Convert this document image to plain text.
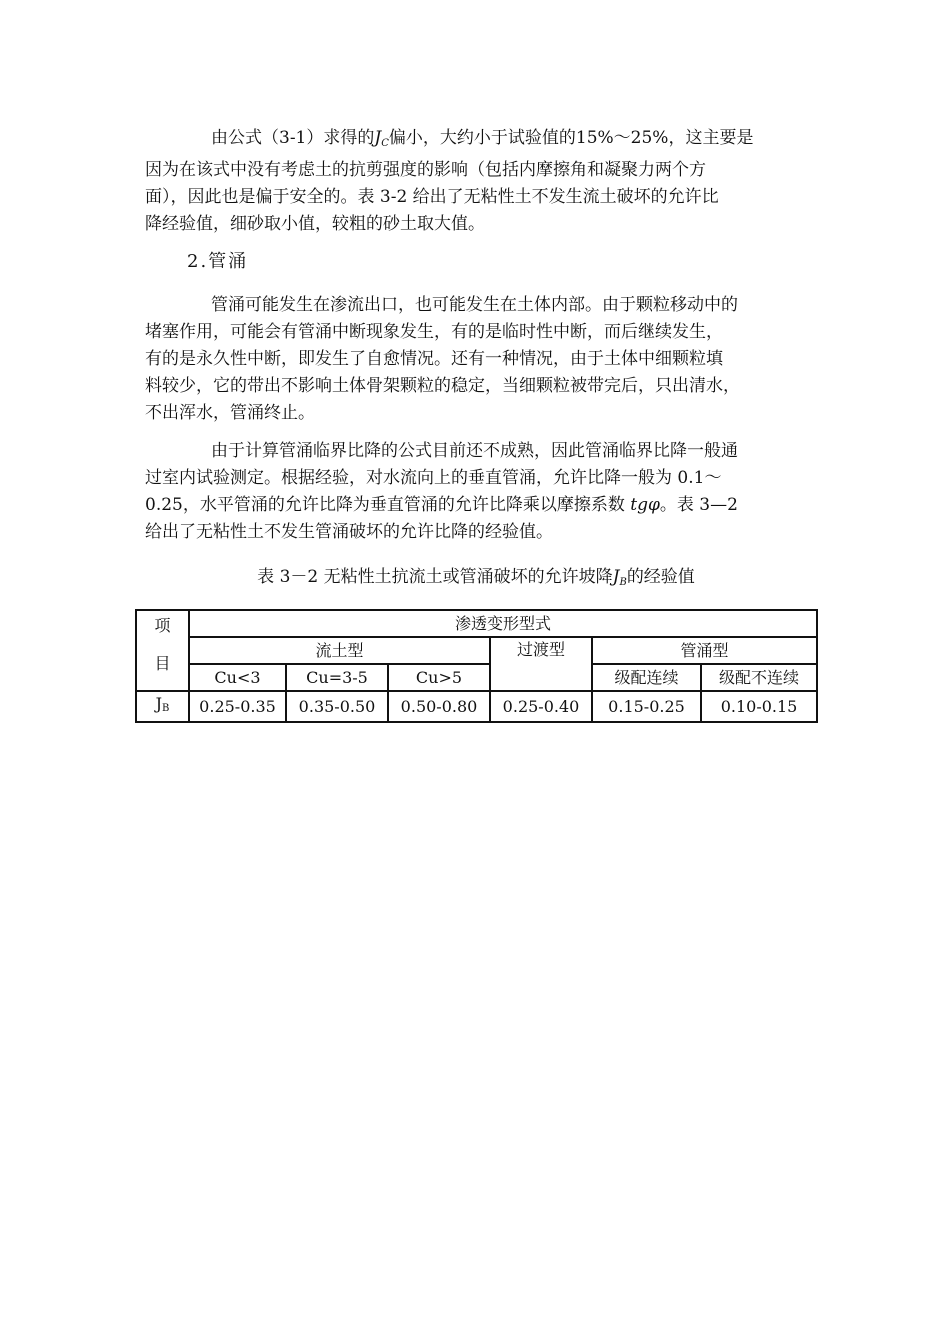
由公式（3-1）求得的$J_C$偏小，大约小于试验值的15%～25%，这主要是
因为在该式中没有考虑土的抗剪强度的影响（包括内摩擦角和凝聚力两个方
面），因此也是偏于安全的。表 3-2 给出了无粘性土不发生流土破坏的允许比
降经验值，细砂取小值，较粗的砂土取大值。

2.管涌

管涌可能发生在渗流出口，也可能发生在土体内部。由于颗粒移动中的
堵塞作用，可能会有管涌中断现象发生，有的是临时性中断，而后继续发生，
有的是永久性中断，即发生了自愈情况。还有一种情况，由于土体中细颗粒填
料较少，它的带出不影响土体骨架颗粒的稳定，当细颗粒被带完后，只出清水，
不出浑水，管涌终止。

由于计算管涌临界比降的公式目前还不成熟，因此管涌临界比降一般通
过室内试验测定。根据经验，对水流向上的垂直管涌，允许比降一般为 0.1～
0.25，水平管涌的允许比降为垂直管涌的允许比降乘以摩擦系数 tgφ。表 3—2
给出了无粘性土不发生管涌破坏的允许比降的经验值。

表 3－2 无粘性土抗流土或管涌破坏的允许坡降$J_B$的经验值
项
目	渗透变形型式					
	流土型			过渡型	管涌型	
	Cu<3	Cu=3-5	Cu>5		级配连续	级配不连续
JB	0.25-0.35	0.35-0.50	0.50-0.80	0.25-0.40	0.15-0.25	0.10-0.15
